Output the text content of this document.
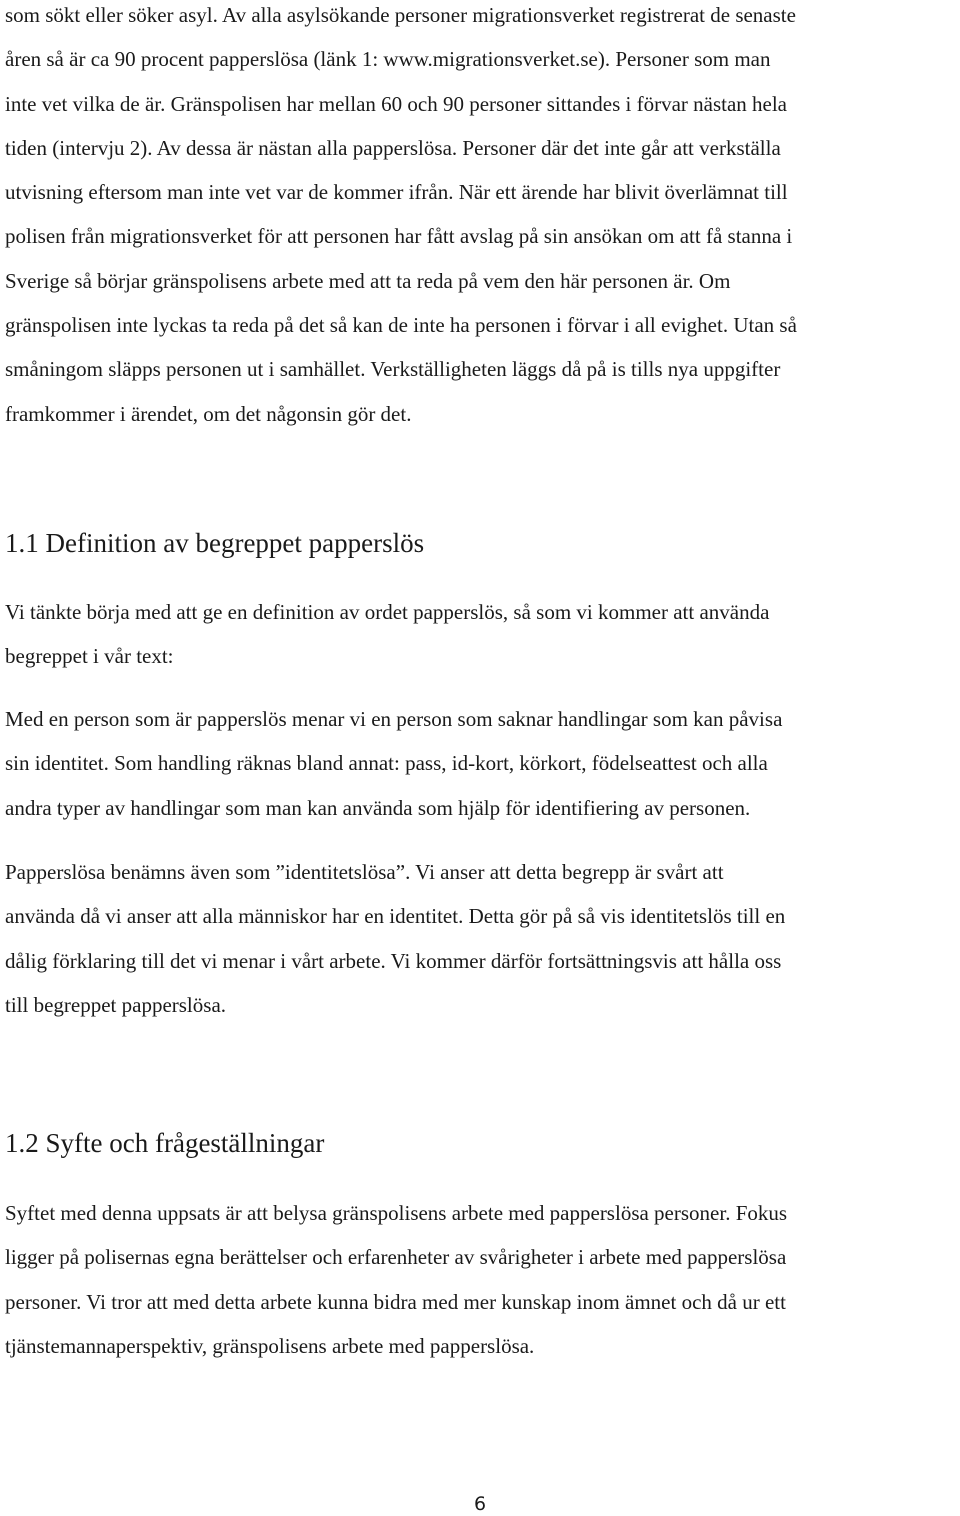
som sökt eller söker asyl. Av alla asylsökande personer migrationsverket registrerat de senaste
åren så är ca 90 procent papperslösa (länk 1: www.migrationsverket.se). Personer som man
inte vet vilka de är. Gränspolisen har mellan 60 och 90 personer sittandes i förvar nästan hela
tiden (intervju 2). Av dessa är nästan alla papperslösa. Personer där det inte går att verkställa
utvisning eftersom man inte vet var de kommer ifrån. När ett ärende har blivit överlämnat till
polisen från migrationsverket för att personen har fått avslag på sin ansökan om att få stanna i
Sverige så börjar gränspolisens arbete med att ta reda på vem den här personen är. Om
gränspolisen inte lyckas ta reda på det så kan de inte ha personen i förvar i all evighet. Utan så
småningom släpps personen ut i samhället. Verkställigheten läggs då på is tills nya uppgifter
framkommer i ärendet, om det någonsin gör det.

1.1 Definition av begreppet papperslös

Vi tänkte börja med att ge en definition av ordet papperslös, så som vi kommer att använda
begreppet i vår text:

Med en person som är papperslös menar vi en person som saknar handlingar som kan påvisa
sin identitet. Som handling räknas bland annat: pass, id-kort, körkort, födelseattest och alla
andra typer av handlingar som man kan använda som hjälp för identifiering av personen.

Papperslösa benämns även som ”identitetslösa”. Vi anser att detta begrepp är svårt att
använda då vi anser att alla människor har en identitet. Detta gör på så vis identitetslös till en
dålig förklaring till det vi menar i vårt arbete. Vi kommer därför fortsättningsvis att hålla oss
till begreppet papperslösa.

1.2 Syfte och frågeställningar

Syftet med denna uppsats är att belysa gränspolisens arbete med papperslösa personer. Fokus
ligger på polisernas egna berättelser och erfarenheter av svårigheter i arbete med papperslösa
personer. Vi tror att med detta arbete kunna bidra med mer kunskap inom ämnet och då ur ett
tjänstemannaperspektiv, gränspolisens arbete med papperslösa.

6
